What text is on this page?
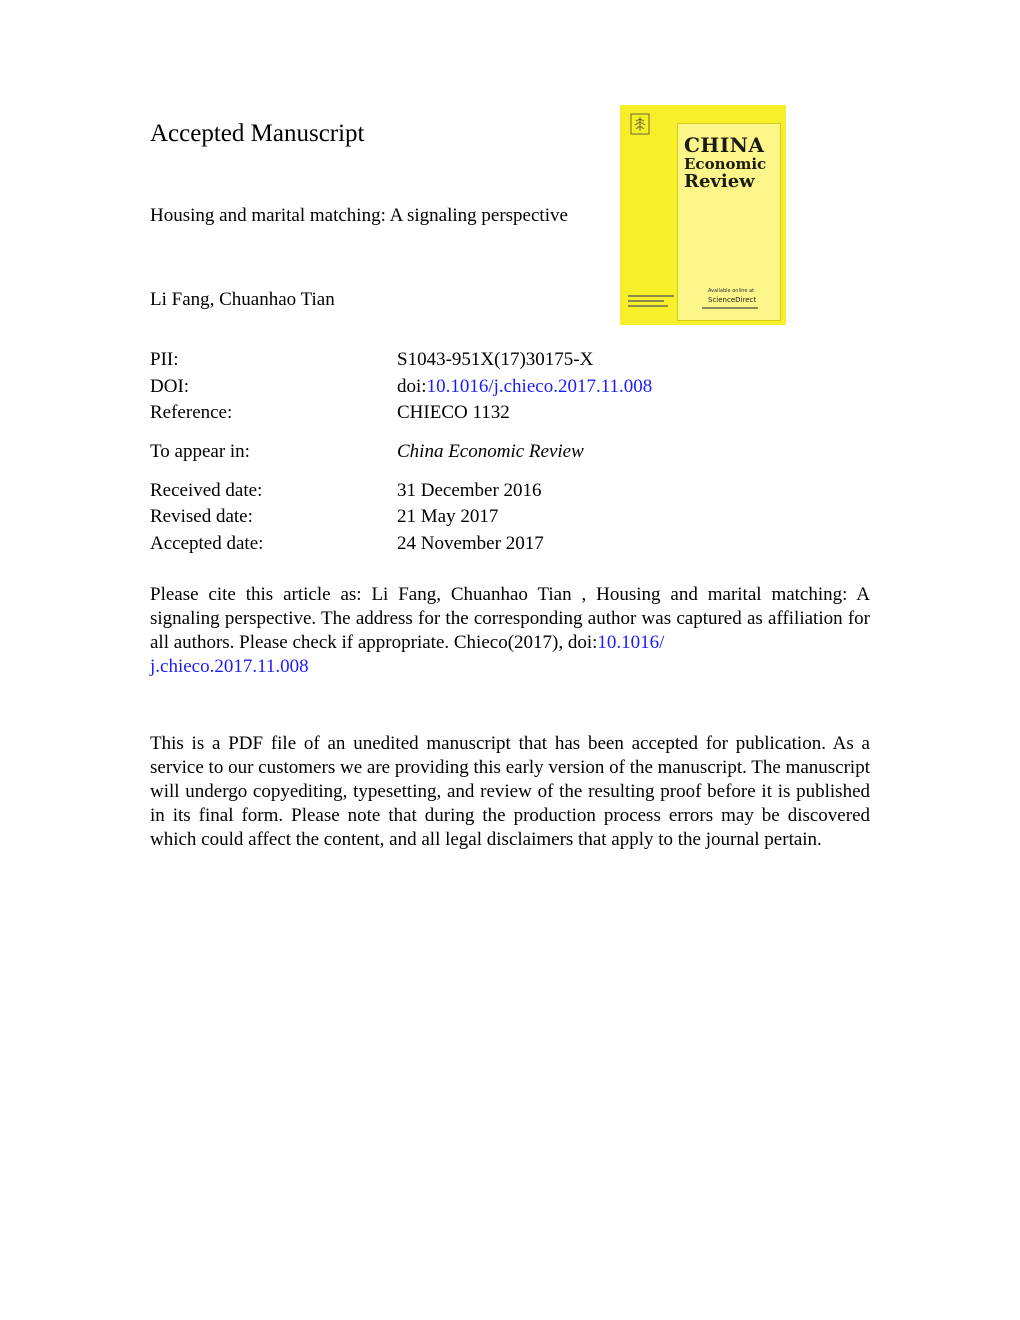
Accepted Manuscript
Housing and marital matching: A signaling perspective
Li Fang, Chuanhao Tian
CHINA
Economic
Review
Available online at
ScienceDirect
PII:	S1043-951X(17)30175-X
DOI:	doi:10.1016/j.chieco.2017.11.008
Reference:	CHIECO 1132
To appear in:	China Economic Review
Received date:	31 December 2016
Revised date:	21 May 2017
Accepted date:	24 November 2017
Please cite this article as: Li Fang, Chuanhao Tian , Housing and marital matching: A signaling perspective. The address for the corresponding author was captured as affiliation for all authors. Please check if appropriate. Chieco(2017), doi:10.1016/
j.chieco.2017.11.008
This is a PDF file of an unedited manuscript that has been accepted for publication. As a service to our customers we are providing this early version of the manuscript. The manuscript will undergo copyediting, typesetting, and review of the resulting proof before it is published in its final form. Please note that during the production process errors may be discovered which could affect the content, and all legal disclaimers that apply to the journal pertain.
